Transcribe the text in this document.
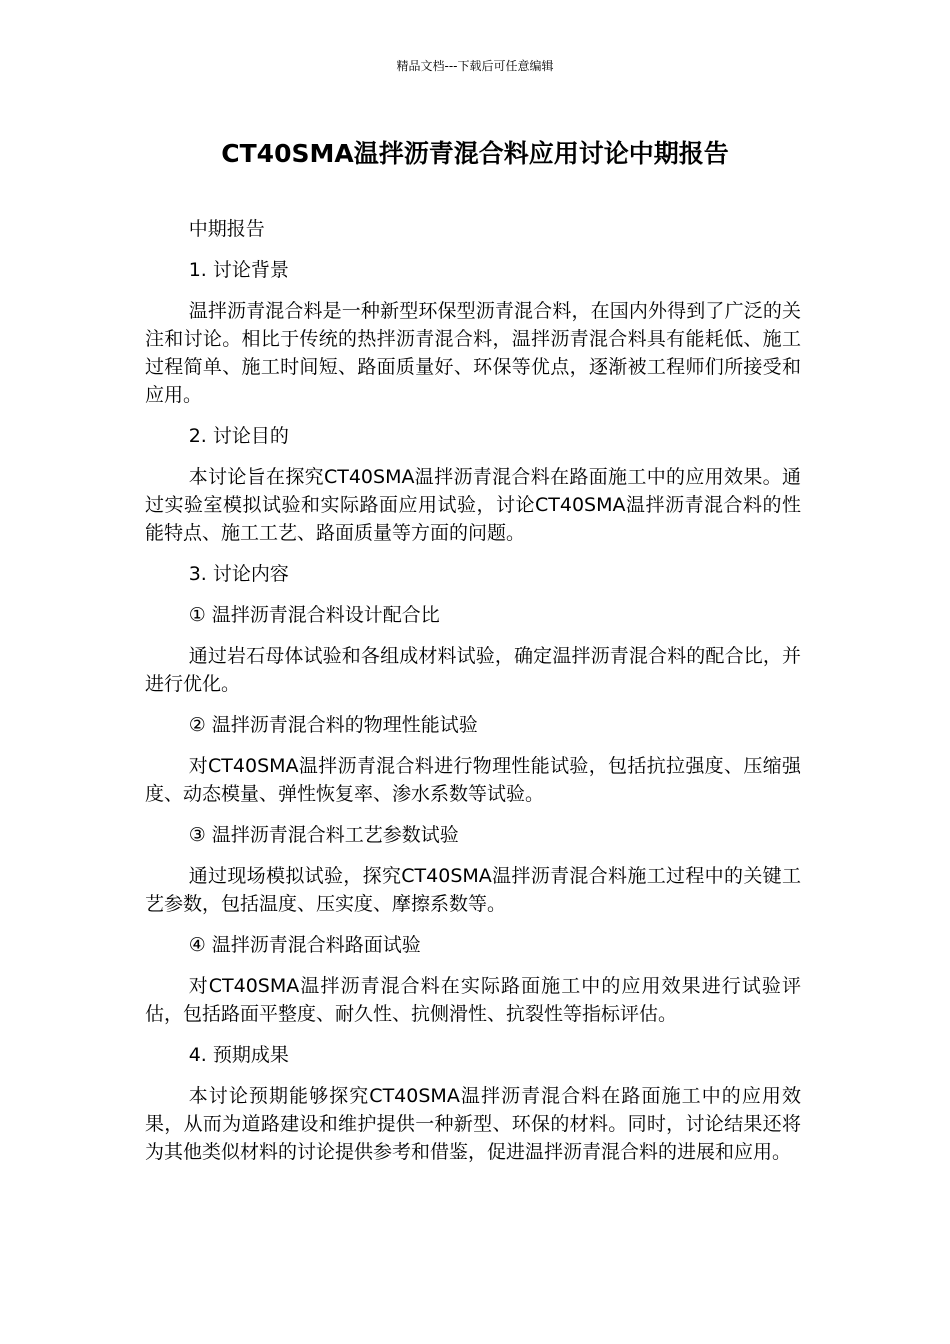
精品文档---下载后可任意编辑
CT40SMA温拌沥青混合料应用讨论中期报告

中期报告

1. 讨论背景

温拌沥青混合料是一种新型环保型沥青混合料，在国内外得到了广泛的关注和讨论。相比于传统的热拌沥青混合料，温拌沥青混合料具有能耗低、施工过程简单、施工时间短、路面质量好、环保等优点，逐渐被工程师们所接受和应用。

2. 讨论目的

本讨论旨在探究CT40SMA温拌沥青混合料在路面施工中的应用效果。通过实验室模拟试验和实际路面应用试验，讨论CT40SMA温拌沥青混合料的性能特点、施工工艺、路面质量等方面的问题。

3. 讨论内容

① 温拌沥青混合料设计配合比

通过岩石母体试验和各组成材料试验，确定温拌沥青混合料的配合比，并进行优化。

② 温拌沥青混合料的物理性能试验

对CT40SMA温拌沥青混合料进行物理性能试验，包括抗拉强度、压缩强度、动态模量、弹性恢复率、渗水系数等试验。

③ 温拌沥青混合料工艺参数试验

通过现场模拟试验，探究CT40SMA温拌沥青混合料施工过程中的关键工艺参数，包括温度、压实度、摩擦系数等。

④ 温拌沥青混合料路面试验

对CT40SMA温拌沥青混合料在实际路面施工中的应用效果进行试验评估，包括路面平整度、耐久性、抗侧滑性、抗裂性等指标评估。

4. 预期成果

本讨论预期能够探究CT40SMA温拌沥青混合料在路面施工中的应用效果，从而为道路建设和维护提供一种新型、环保的材料。同时，讨论结果还将为其他类似材料的讨论提供参考和借鉴，促进温拌沥青混合料的进展和应用。
